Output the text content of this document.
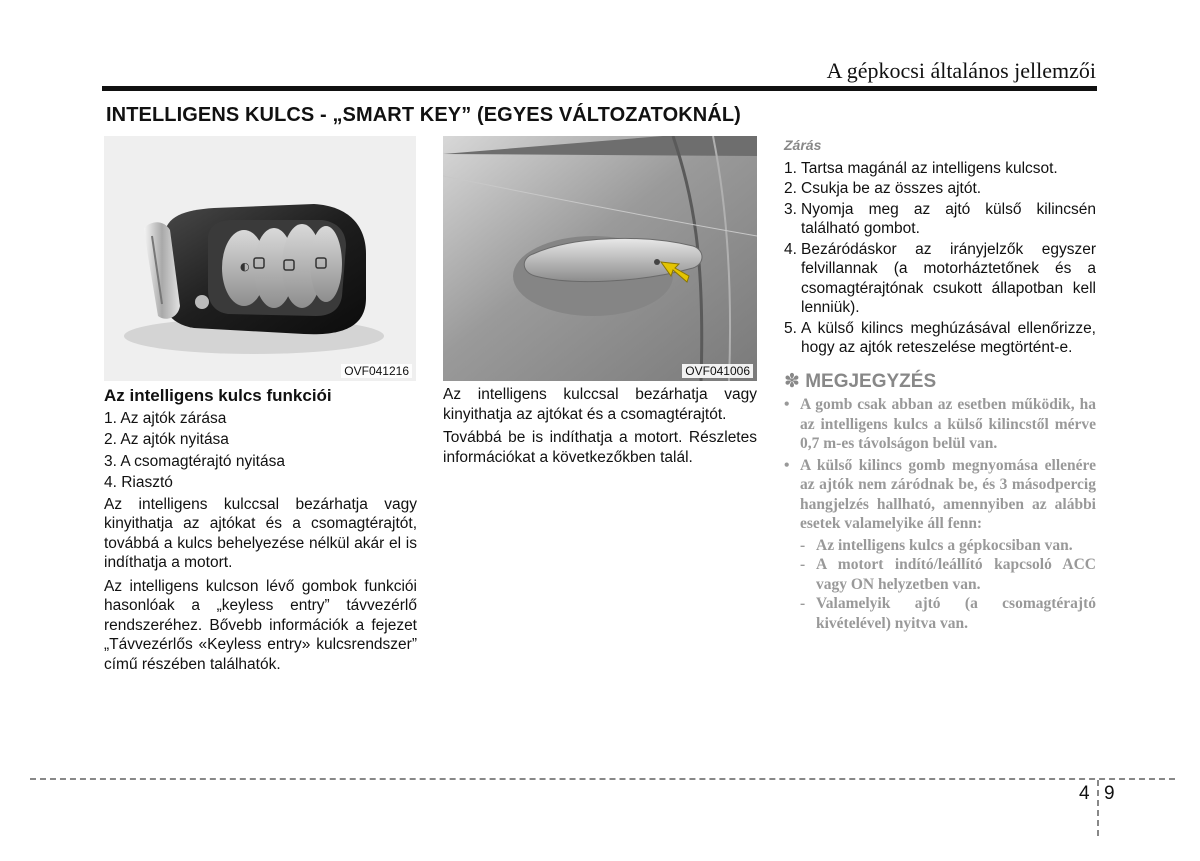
A gépkocsi általános jellemzői
INTELLIGENS KULCS - „SMART KEY” (EGYES VÁLTOZATOKNÁL)
◐
OVF041216	OVF041006
Az intelligens kulcs funkciói
1. Az ajtók zárása
2. Az ajtók nyitása
3. A csomagtérajtó nyitása
4. Riasztó

Az intelligens kulccsal bezárhatja vagy kinyithatja az ajtókat és a csomagtérajtót, továbbá a kulcs behelyezése nélkül akár el is indíthatja a motort.

Az intelligens kulcson lévő gombok funkciói hasonlóak a „keyless entry” távvezérlő rendszeréhez. Bővebb információk a fejezet „Távvezérlős «Keyless entry» kulcsrendszer” című részében találhatók.

Az intelligens kulccsal bezárhatja vagy kinyithatja az ajtókat és a csomagtérajtót.

Továbbá be is indíthatja a motort. Részletes információkat a következőkben talál.

Zárás
1. Tartsa magánál az intelligens kulcsot.
2. Csukja be az összes ajtót.
3. Nyomja meg az ajtó külső kilincsén található gombot.
4. Bezáródáskor az irányjelzők egyszer felvillannak (a motorháztetőnek és a csomagtérajtónak csukott állapotban kell lenniük).
5. A külső kilincs meghúzásával ellenőrizze, hogy az ajtók reteszelése megtörtént-e.
✽ MEGJEGYZÉS
• A gomb csak abban az esetben működik, ha az intelligens kulcs a külső kilincstől mérve 0,7 m-es távolságon belül van.
• A külső kilincs gomb megnyomása ellenére az ajtók nem záródnak be, és 3 másodpercig hangjelzés hallható, amennyiben az alábbi esetek valamelyike áll fenn:
- Az intelligens kulcs a gépkocsiban van.
- A motort indító/leállító kapcsoló ACC vagy ON helyzetben van.
- Valamelyik ajtó (a csomagtérajtó kivételével) nyitva van.
4 9
